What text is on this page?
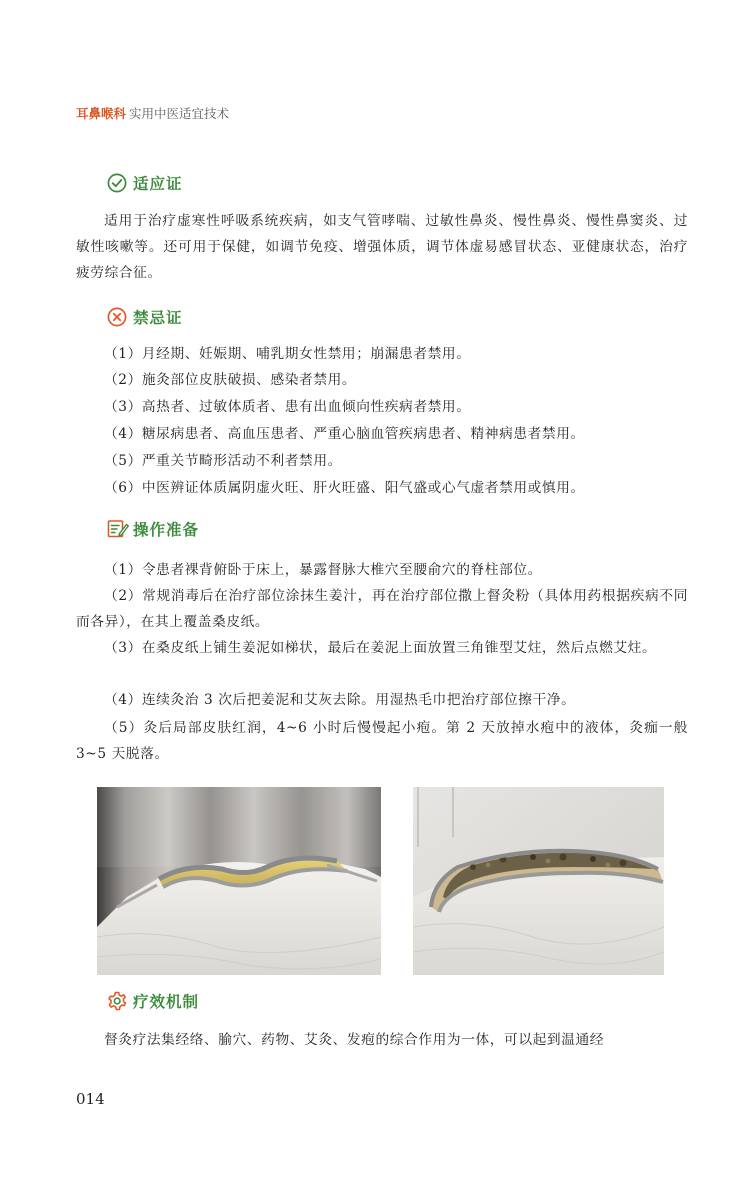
耳鼻喉科 实用中医适宜技术
适应证
适用于治疗虚寒性呼吸系统疾病，如支气管哮喘、过敏性鼻炎、慢性鼻炎、慢性鼻窦炎、过敏性咳嗽等。还可用于保健，如调节免疫、增强体质，调节体虚易感冒状态、亚健康状态，治疗疲劳综合征。
禁忌证
（1）月经期、妊娠期、哺乳期女性禁用；崩漏患者禁用。
（2）施灸部位皮肤破损、感染者禁用。
（3）高热者、过敏体质者、患有出血倾向性疾病者禁用。
（4）糖尿病患者、高血压患者、严重心脑血管疾病患者、精神病患者禁用。
（5）严重关节畸形活动不利者禁用。
（6）中医辨证体质属阴虚火旺、肝火旺盛、阳气盛或心气虚者禁用或慎用。
操作准备
（1）令患者裸背俯卧于床上，暴露督脉大椎穴至腰俞穴的脊柱部位。
（2）常规消毒后在治疗部位涂抹生姜汁，再在治疗部位撒上督灸粉（具体用药根据疾病不同而各异），在其上覆盖桑皮纸。
（3）在桑皮纸上铺生姜泥如梯状，最后在姜泥上面放置三角锥型艾炷，然后点燃艾炷。
（4）连续灸治 3 次后把姜泥和艾灰去除。用湿热毛巾把治疗部位擦干净。
（5）灸后局部皮肤红润，4~6 小时后慢慢起小疱。第 2 天放掉水疱中的液体，灸痂一般 3~5 天脱落。
疗效机制
督灸疗法集经络、腧穴、药物、艾灸、发疱的综合作用为一体，可以起到温通经
014
